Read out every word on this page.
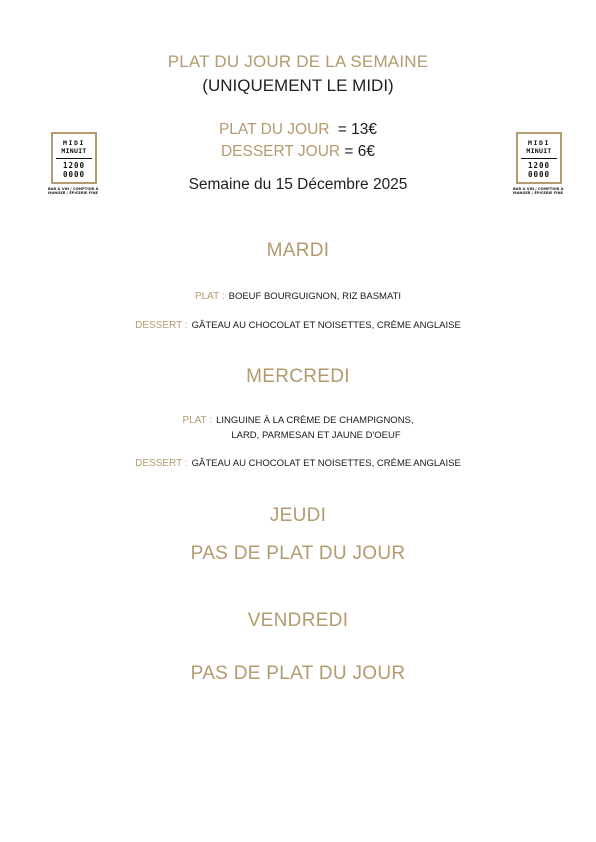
MIDI
MINUIT
1200
0000
BAR & VIN / COMPTOIR À
MANGER / ÉPICERIE FINE
MIDI
MINUIT
1200
0000
BAR & VIN / COMPTOIR À
MANGER / ÉPICERIE FINE
PLAT DU JOUR DE LA SEMAINE
(UNIQUEMENT LE MIDI)
PLAT DU JOUR = 13€
DESSERT JOUR = 6€
Semaine du 15 Décembre 2025
MARDI
PLAT : BOEUF BOURGUIGNON, RIZ BASMATI
DESSERT : GÂTEAU AU CHOCOLAT ET NOISETTES, CRÈME ANGLAISE
MERCREDI
PLAT : LINGUINE À LA CRÈME DE CHAMPIGNONS,
LARD, PARMESAN ET JAUNE D'OEUF
DESSERT : GÂTEAU AU CHOCOLAT ET NOISETTES, CRÈME ANGLAISE
JEUDI
PAS DE PLAT DU JOUR
VENDREDI
PAS DE PLAT DU JOUR
